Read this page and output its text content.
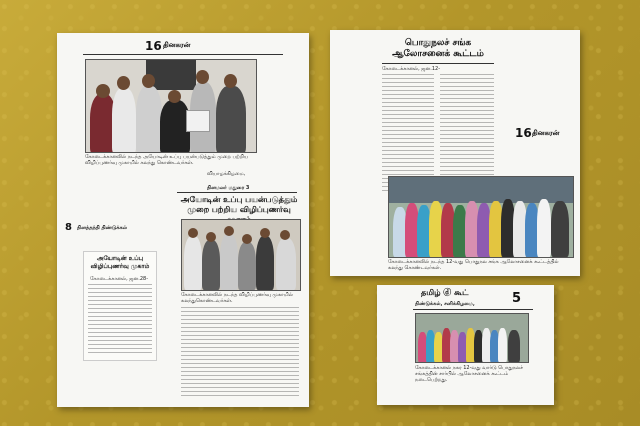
16 தினகரன்
கோடைக்கானலில் நடந்த அயோடின் உப்பு பயன்படுத்தும் முறை பற்றிய விழிப்புணர்வு முகாமில் கலந்து கொண்டவர்கள்.
வியாழக்கிழமை,
தினமலர் மதுரை 3
அயோடின் உப்பு பயன்படுத்தும் முறை பற்றிய விழிப்புணர்வு
கோடைக்கானலில் நடந்த விழிப்புணர்வு முகாமில் கலந்துகொண்டவர்கள்.
8 தினத்தந்தி திண்டுக்கல்
அயோடின் உப்பு விழிப்புணர்வு முகாம்
கோடைக்கானல், ஜன.28-
பொதுநலச் சங்க ஆலோசனைக் கூட்டம்
கோடைக்கானல், ஜன.12-
16 தினகரன்
கோடைக்கானலில் நடந்த 12-வது பொதுநல சங்க ஆலோசனைக் கூட்டத்தில் கலந்து கொண்டவர்கள்.
தமிழ் ⓓ கூட்
திண்டுக்கல், சனிக்கிழமை,	5
கோடைக்கானல் நகர 12-வது வார்டு பொதுநலச் சங்கத்தின் சார்பில் ஆலோசனைக் கூட்டம் நடைபெற்றது.
